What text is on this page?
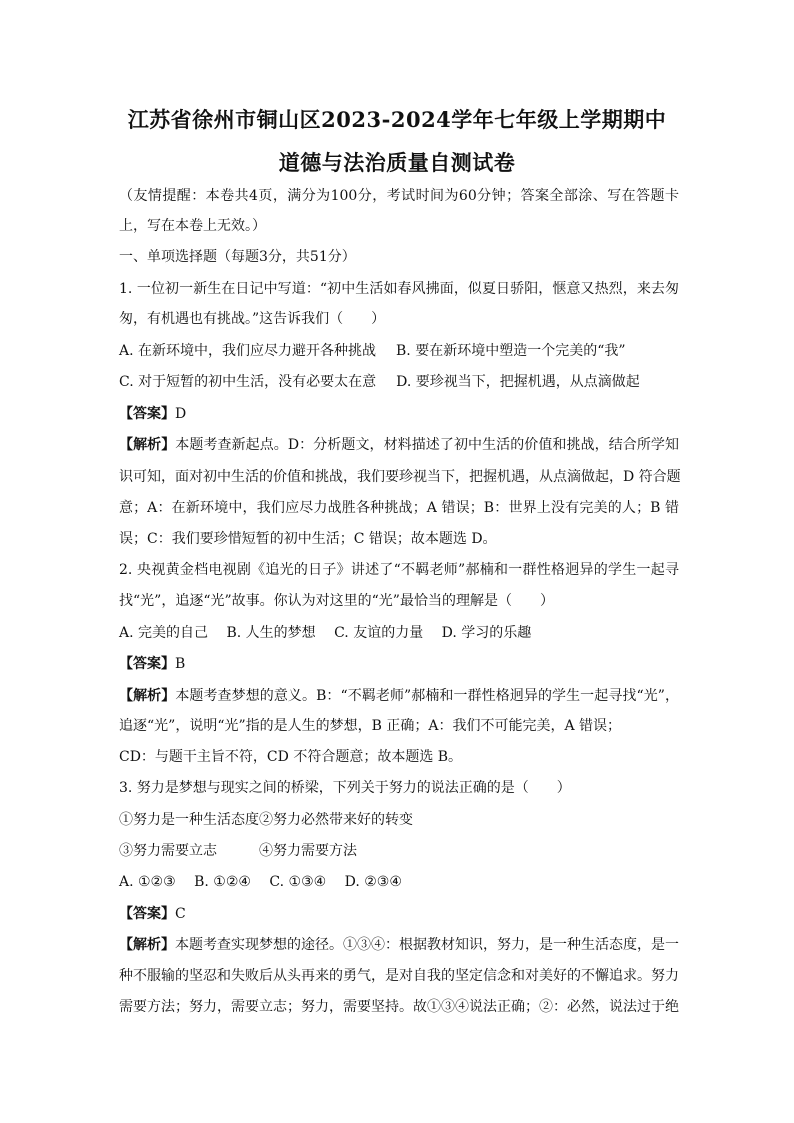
江苏省徐州市铜山区2023-2024学年七年级上学期期中
道德与法治质量自测试卷
（友情提醒：本卷共4页，满分为100分，考试时间为60分钟；答案全部涂、写在答题卡
上，写在本卷上无效。）
一、单项选择题（每题3分，共51分）
1. 一位初一新生在日记中写道：“初中生活如春风拂面，似夏日骄阳，惬意又热烈，来去匆
匆，有机遇也有挑战。”这告诉我们（　　）
A. 在新环境中，我们应尽力避开各种挑战 B. 要在新环境中塑造一个完美的“我”
C. 对于短暂的初中生活，没有必要太在意 D. 要珍视当下，把握机遇，从点滴做起
【答案】D
【解析】本题考查新起点。D：分析题文，材料描述了初中生活的价值和挑战，结合所学知
识可知，面对初中生活的价值和挑战，我们要珍视当下，把握机遇，从点滴做起，D 符合题
意；A：在新环境中，我们应尽力战胜各种挑战；A 错误；B：世界上没有完美的人；B 错
误；C：我们要珍惜短暂的初中生活；C 错误；故本题选 D。
2. 央视黄金档电视剧《追光的日子》讲述了“不羁老师”郝楠和一群性格迥异的学生一起寻
找“光”，追逐“光”故事。你认为对这里的“光”最恰当的理解是（　　）
A. 完美的自己　 B. 人生的梦想　 C. 友谊的力量　 D. 学习的乐趣
【答案】B
【解析】本题考查梦想的意义。B：“不羁老师”郝楠和一群性格迥异的学生一起寻找“光”，
追逐“光”，说明“光”指的是人生的梦想，B 正确；A：我们不可能完美，A 错误；
CD：与题干主旨不符，CD 不符合题意；故本题选 B。
3. 努力是梦想与现实之间的桥梁，下列关于努力的说法正确的是（　　）
①努力是一种生活态度②努力必然带来好的转变
③努力需要立志	④努力需要方法
A. ①②③　 B. ①②④　 C. ①③④　 D. ②③④
【答案】C
【解析】本题考查实现梦想的途径。①③④：根据教材知识，努力，是一种生活态度，是一
种不服输的坚忍和失败后从头再来的勇气，是对自我的坚定信念和对美好的不懈追求。努力
需要方法；努力，需要立志；努力，需要坚持。故①③④说法正确；②：必然，说法过于绝
